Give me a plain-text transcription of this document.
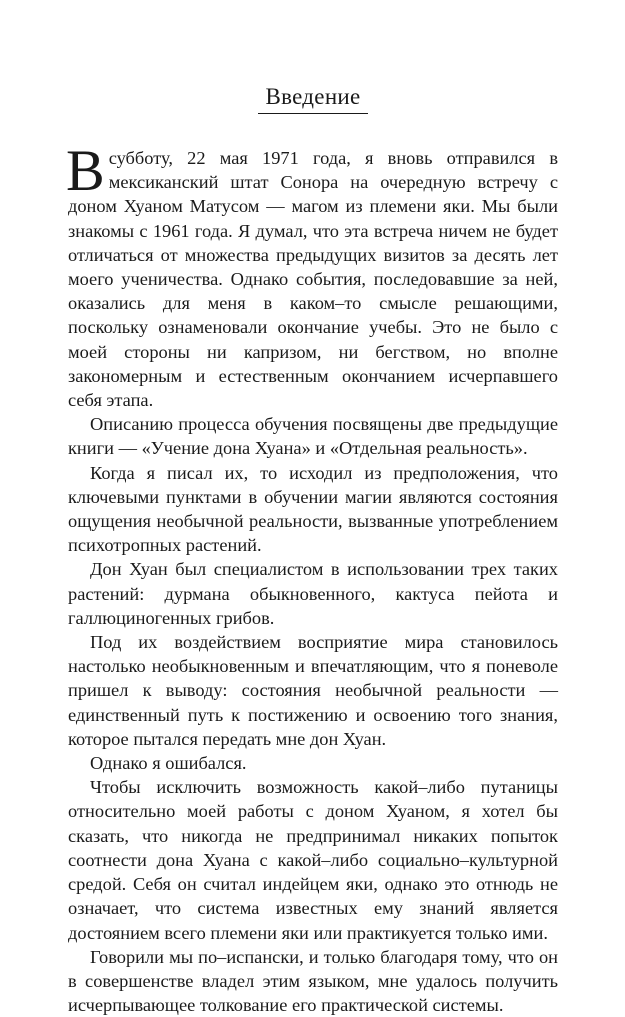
Введение

Всубботу, 22 мая 1971 года, я вновь отправился в мексиканский штат Сонора на очередную встречу с доном Хуаном Матусом — магом из племени яки. Мы были знакомы с 1961 года. Я думал, что эта встреча ничем не будет отличаться от множества предыдущих визитов за десять лет моего ученичества. Однако события, последовавшие за ней, оказались для меня в каком–то смысле решающими, поскольку ознаменовали окончание учебы. Это не было с моей стороны ни капризом, ни бегством, но вполне закономерным и естественным окончанием исчерпавшего себя этапа.

Описанию процесса обучения посвящены две предыдущие книги — «Учение дона Хуана» и «Отдельная реальность».

Когда я писал их, то исходил из предположения, что ключевыми пунктами в обучении магии являются состояния ощущения необычной реальности, вызванные употреблением психотропных растений.

Дон Хуан был специалистом в использовании трех таких растений: дурмана обыкновенного, кактуса пейота и галлюциногенных грибов.

Под их воздействием восприятие мира становилось настолько необыкновенным и впечатляющим, что я поневоле пришел к выводу: состояния необычной реальности — единственный путь к постижению и освоению того знания, которое пытался передать мне дон Хуан.

Однако я ошибался.

Чтобы исключить возможность какой–либо путаницы относительно моей работы с доном Хуаном, я хотел бы сказать, что никогда не предпринимал никаких попыток соотнести дона Хуана с какой–либо социально–культурной средой. Себя он считал индейцем яки, однако это отнюдь не означает, что система известных ему знаний является достоянием всего племени яки или практикуется только ими.

Говорили мы по–испански, и только благодаря тому, что он в совершенстве владел этим языком, мне удалось получить исчерпывающее толкование его практической системы.
